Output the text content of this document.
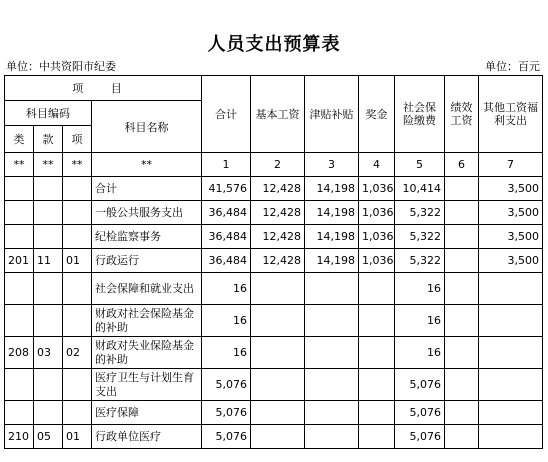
人员支出预算表
单位：中共资阳市纪委	单位：百元
项 目				合计	基本工资	津贴补贴	奖金	社会保险缴费	绩效工资	其他工资福利支出
科目编码			科目名称							
类	款	项								
**	**	**	**	1	2	3	4	5	6	7
			合计	41,576	12,428	14,198	1,036	10,414		3,500
			一般公共服务支出	36,484	12,428	14,198	1,036	5,322		3,500
			纪检监察事务	36,484	12,428	14,198	1,036	5,322		3,500
201	11	01	行政运行	36,484	12,428	14,198	1,036	5,322		3,500
			社会保障和就业支出	16				16		
			财政对社会保险基金的补助	16				16		
208	03	02	财政对失业保险基金的补助	16				16		
			医疗卫生与计划生育支出	5,076				5,076		
			医疗保障	5,076				5,076		
210	05	01	行政单位医疗	5,076				5,076		
